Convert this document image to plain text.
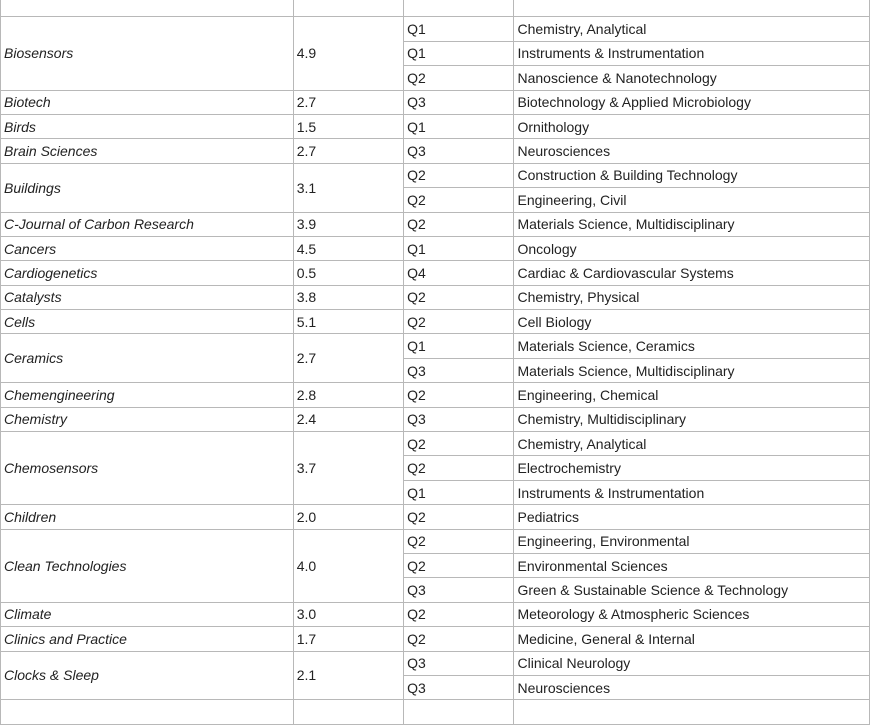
Biosensors	4.9	Q1	Chemistry, Analytical
		Q1	Instruments & Instrumentation
		Q2	Nanoscience & Nanotechnology
Biotech	2.7	Q3	Biotechnology & Applied Microbiology
Birds	1.5	Q1	Ornithology
Brain Sciences	2.7	Q3	Neurosciences
Buildings	3.1	Q2	Construction & Building Technology
		Q2	Engineering, Civil
C-Journal of Carbon Research	3.9	Q2	Materials Science, Multidisciplinary
Cancers	4.5	Q1	Oncology
Cardiogenetics	0.5	Q4	Cardiac & Cardiovascular Systems
Catalysts	3.8	Q2	Chemistry, Physical
Cells	5.1	Q2	Cell Biology
Ceramics	2.7	Q1	Materials Science, Ceramics
		Q3	Materials Science, Multidisciplinary
Chemengineering	2.8	Q2	Engineering, Chemical
Chemistry	2.4	Q3	Chemistry, Multidisciplinary
Chemosensors	3.7	Q2	Chemistry, Analytical
		Q2	Electrochemistry
		Q1	Instruments & Instrumentation
Children	2.0	Q2	Pediatrics
Clean Technologies	4.0	Q2	Engineering, Environmental
		Q2	Environmental Sciences
		Q3	Green & Sustainable Science & Technology
Climate	3.0	Q2	Meteorology & Atmospheric Sciences
Clinics and Practice	1.7	Q2	Medicine, General & Internal
Clocks & Sleep	2.1	Q3	Clinical Neurology
		Q3	Neurosciences
